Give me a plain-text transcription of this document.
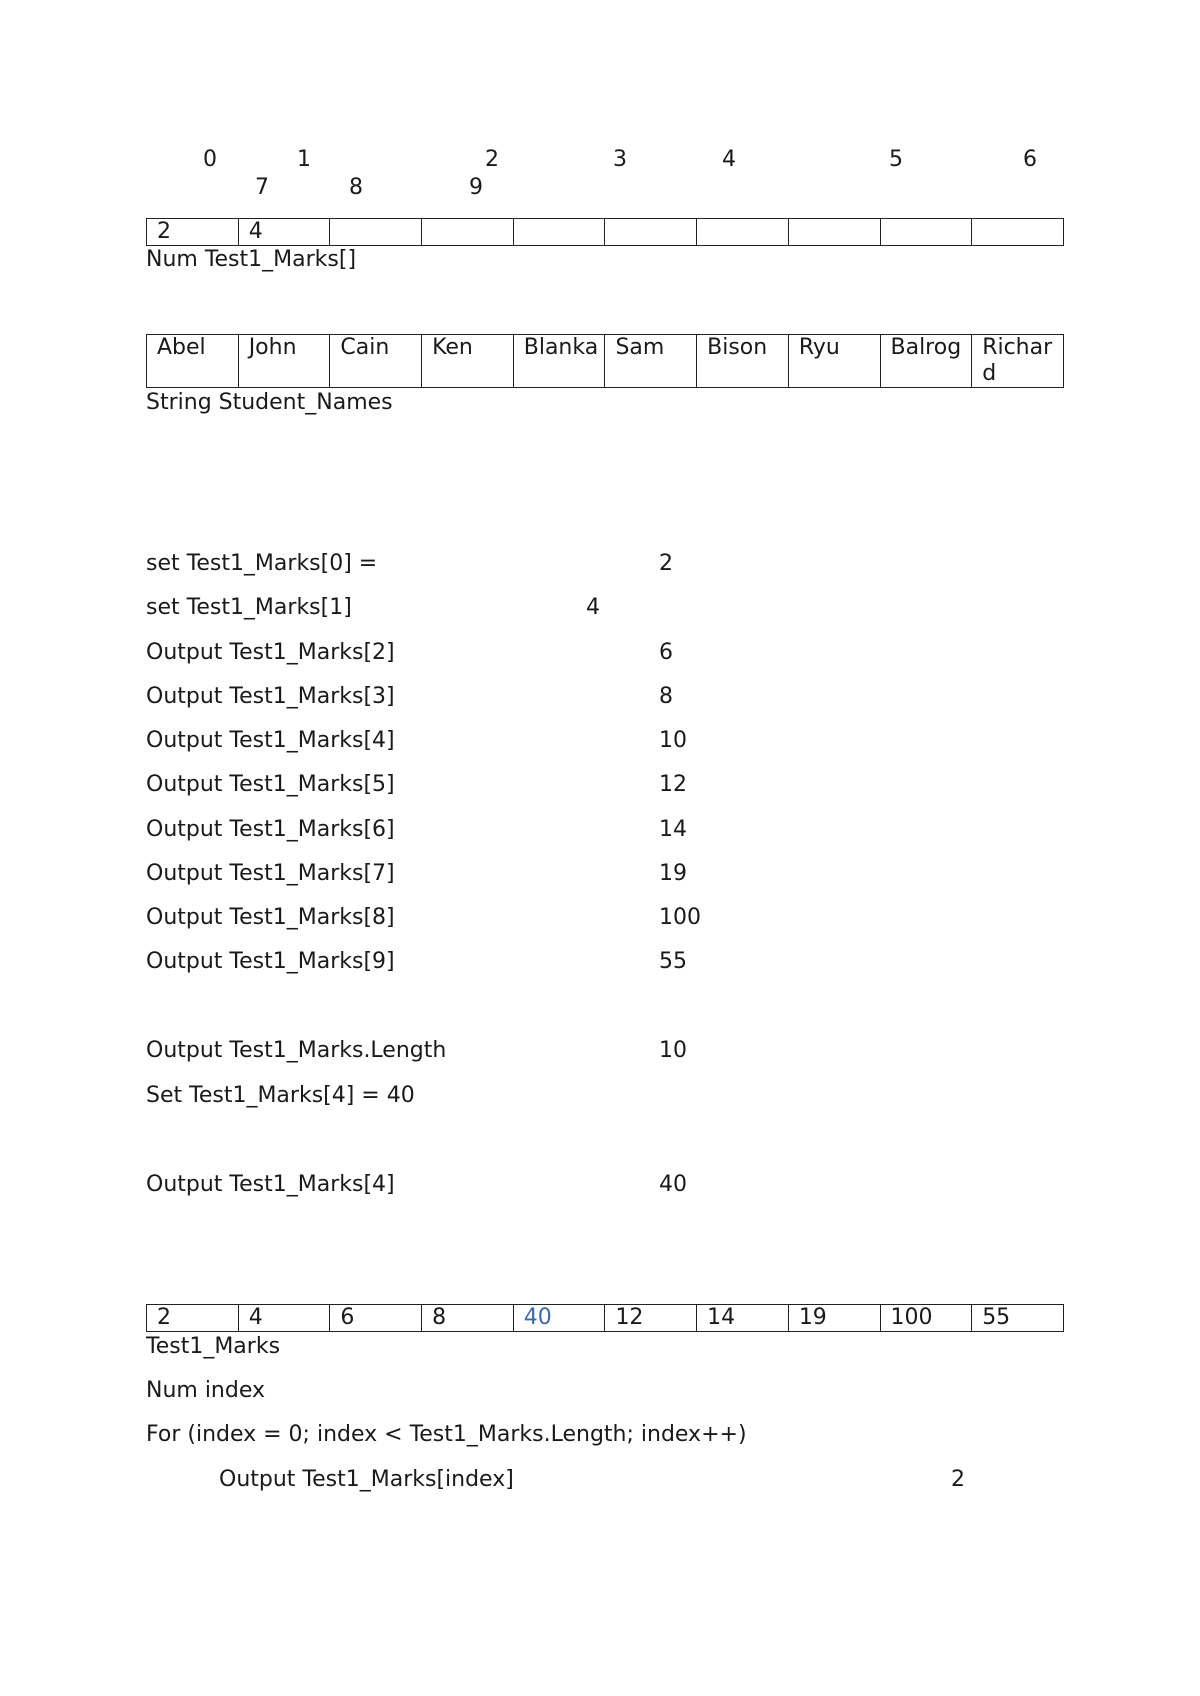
0	1	2	3	4	5	6
7	8	9
2	4								
Num Test1_Marks[]
Abel	John	Cain	Ken	Blanka	Sam	Bison	Ryu	Balrog	Richard
String Student_Names
set Test1_Marks[0] =	2
set Test1_Marks[1]	4
Output Test1_Marks[2]	6
Output Test1_Marks[3]	8
Output Test1_Marks[4]	10
Output Test1_Marks[5]	12
Output Test1_Marks[6]	14
Output Test1_Marks[7]	19
Output Test1_Marks[8]	100
Output Test1_Marks[9]	55
Output Test1_Marks.Length	10
Set Test1_Marks[4] = 40
Output Test1_Marks[4]	40
2	4	6	8	40	12	14	19	100	55
Test1_Marks
Num index
For (index = 0; index < Test1_Marks.Length; index++)
Output Test1_Marks[index]	2
